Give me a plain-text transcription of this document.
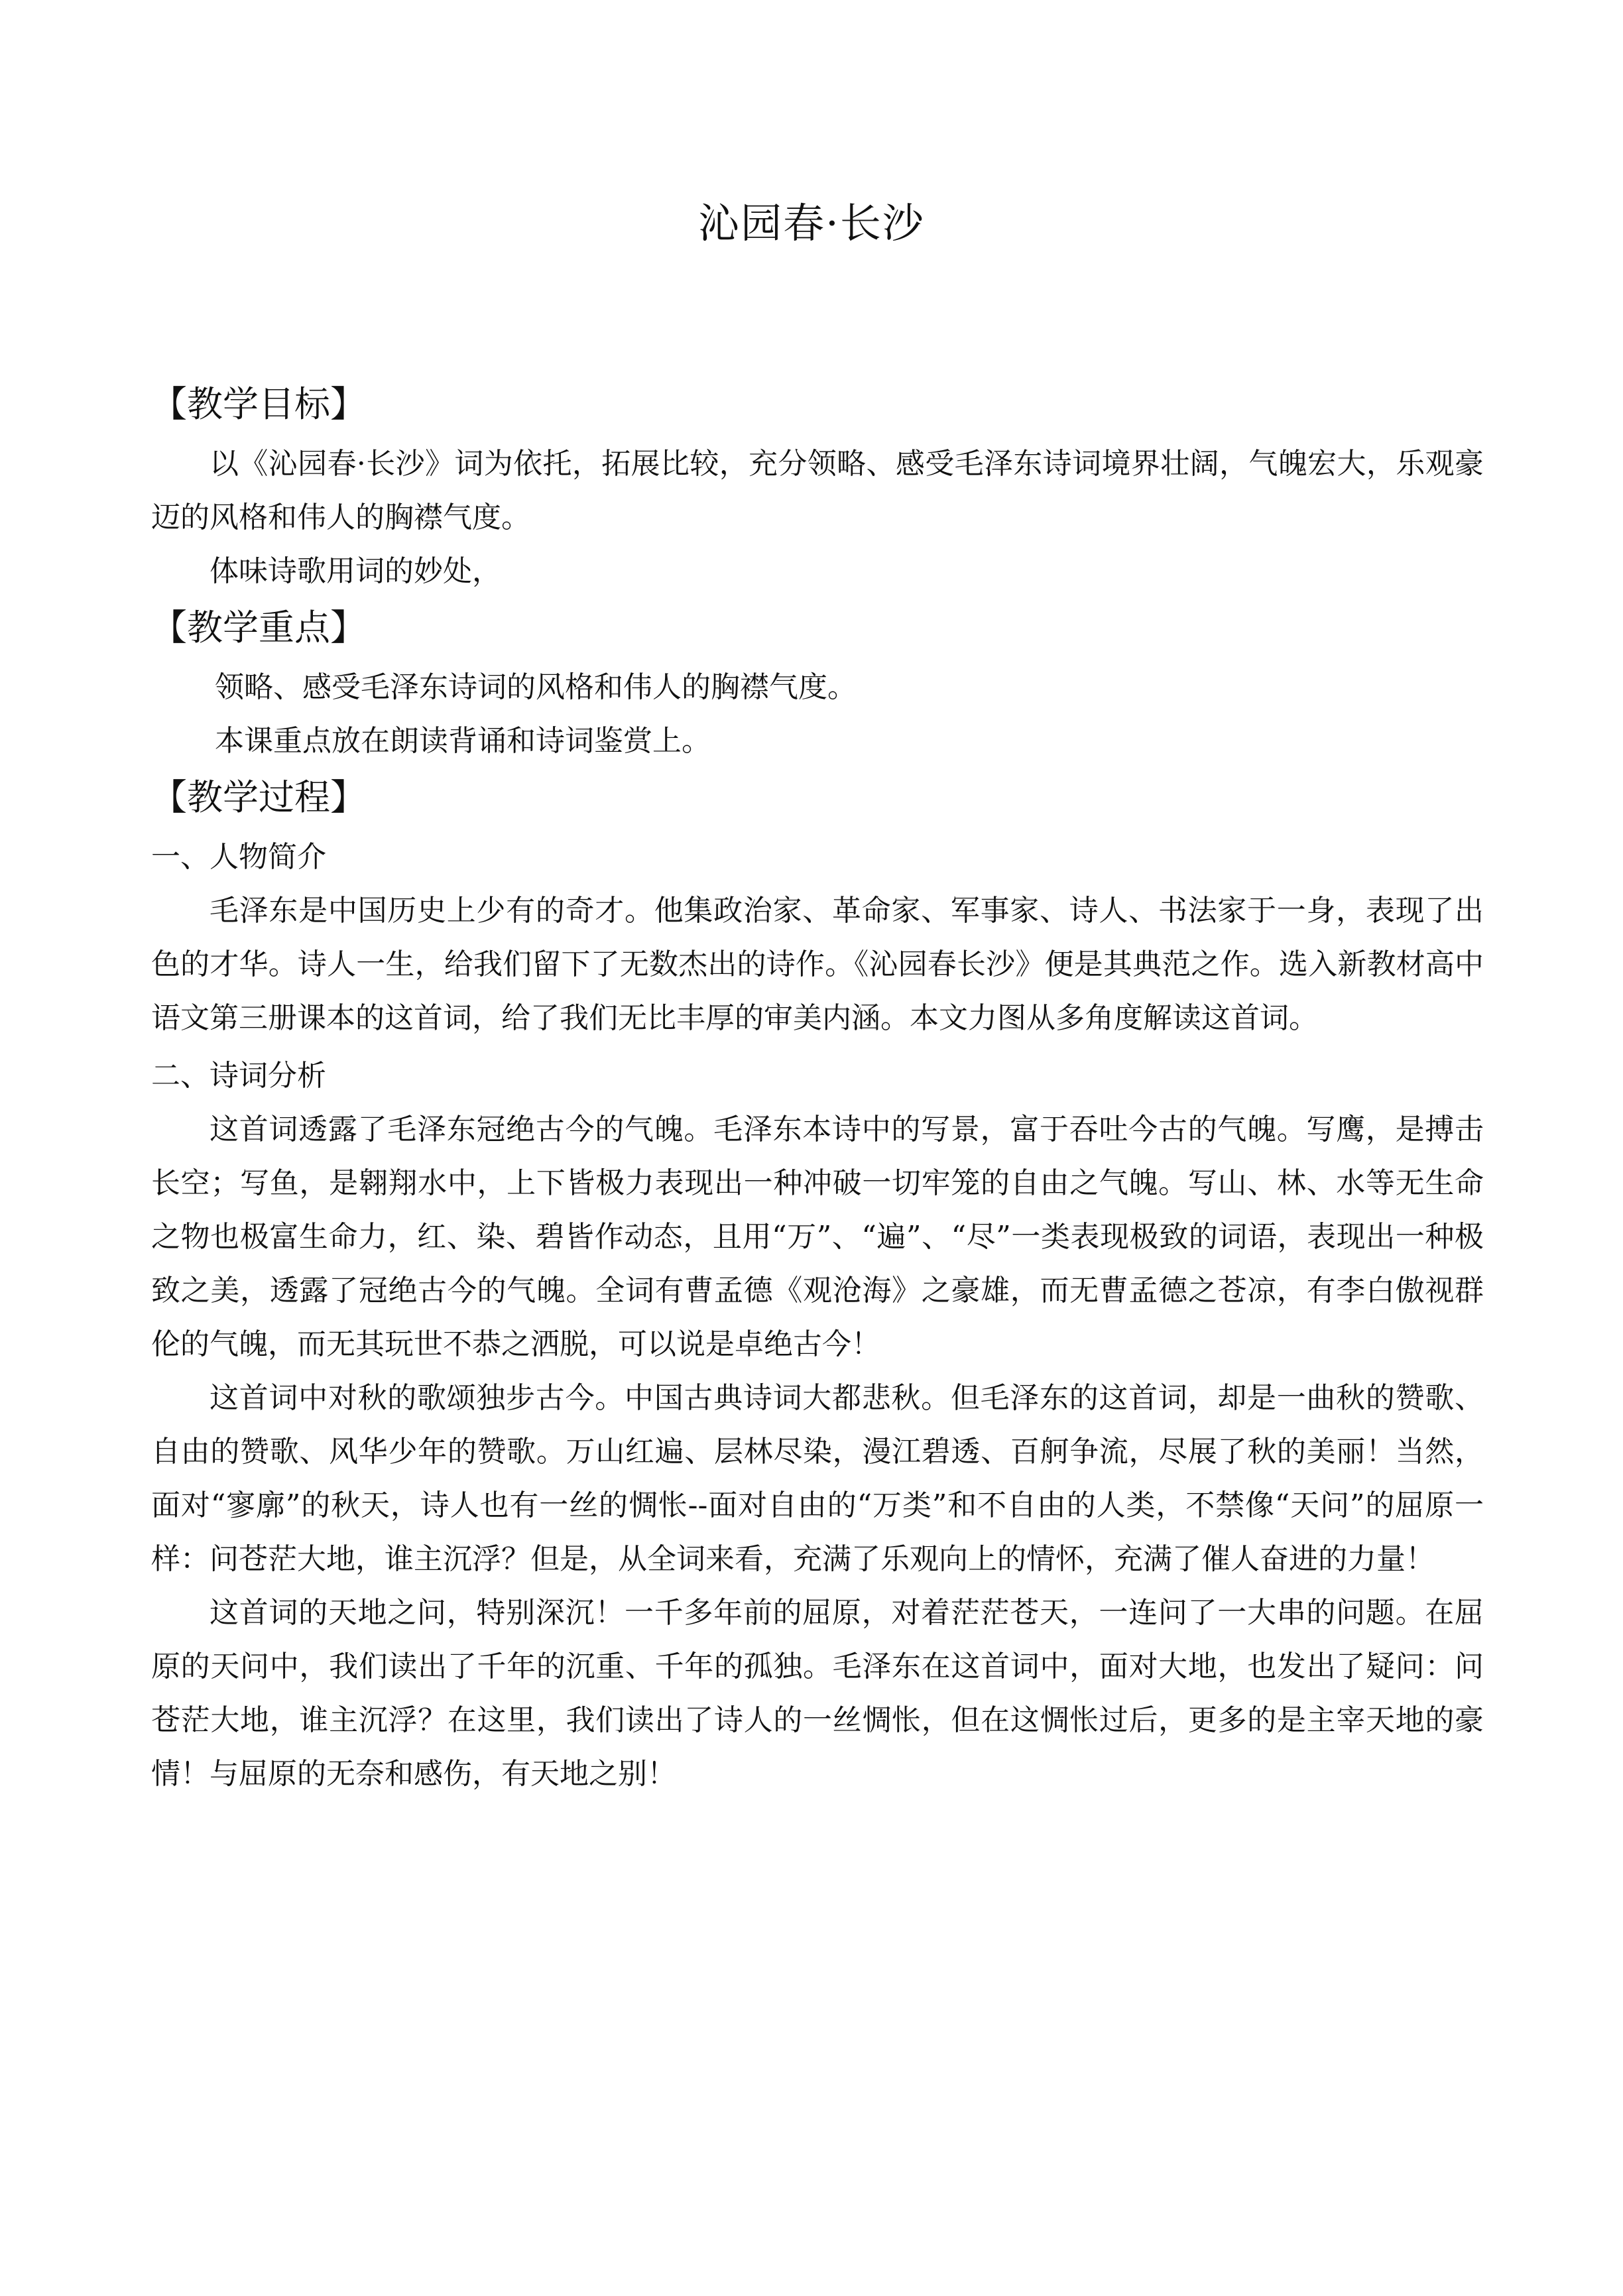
沁园春·长沙
【教学目标】

以《沁园春·长沙》词为依托，拓展比较，充分领略、感受毛泽东诗词境界壮阔，气魄宏大，乐观豪迈的风格和伟人的胸襟气度。

体味诗歌用词的妙处，

【教学重点】

领略、感受毛泽东诗词的风格和伟人的胸襟气度。

本课重点放在朗读背诵和诗词鉴赏上。

【教学过程】
一、人物简介

毛泽东是中国历史上少有的奇才。他集政治家、革命家、军事家、诗人、书法家于一身，表现了出色的才华。诗人一生，给我们留下了无数杰出的诗作。《沁园春长沙》便是其典范之作。选入新教材高中语文第三册课本的这首词，给了我们无比丰厚的审美内涵。本文力图从多角度解读这首词。

二、诗词分析

这首词透露了毛泽东冠绝古今的气魄。毛泽东本诗中的写景，富于吞吐今古的气魄。写鹰，是搏击长空；写鱼，是翱翔水中，上下皆极力表现出一种冲破一切牢笼的自由之气魄。写山、林、水等无生命之物也极富生命力，红、染、碧皆作动态，且用“万”、“遍”、“尽”一类表现极致的词语，表现出一种极致之美，透露了冠绝古今的气魄。全词有曹孟德《观沧海》之豪雄，而无曹孟德之苍凉，有李白傲视群伦的气魄，而无其玩世不恭之洒脱，可以说是卓绝古今！

这首词中对秋的歌颂独步古今。中国古典诗词大都悲秋。但毛泽东的这首词，却是一曲秋的赞歌、自由的赞歌、风华少年的赞歌。万山红遍、层林尽染，漫江碧透、百舸争流，尽展了秋的美丽！当然，面对“寥廓”的秋天，诗人也有一丝的惆怅--面对自由的“万类”和不自由的人类，不禁像“天问”的屈原一样：问苍茫大地，谁主沉浮？但是，从全词来看，充满了乐观向上的情怀，充满了催人奋进的力量！

这首词的天地之问，特别深沉！一千多年前的屈原，对着茫茫苍天，一连问了一大串的问题。在屈原的天问中，我们读出了千年的沉重、千年的孤独。毛泽东在这首词中，面对大地，也发出了疑问：问苍茫大地，谁主沉浮？在这里，我们读出了诗人的一丝惆怅，但在这惆怅过后，更多的是主宰天地的豪情！与屈原的无奈和感伤，有天地之别！
